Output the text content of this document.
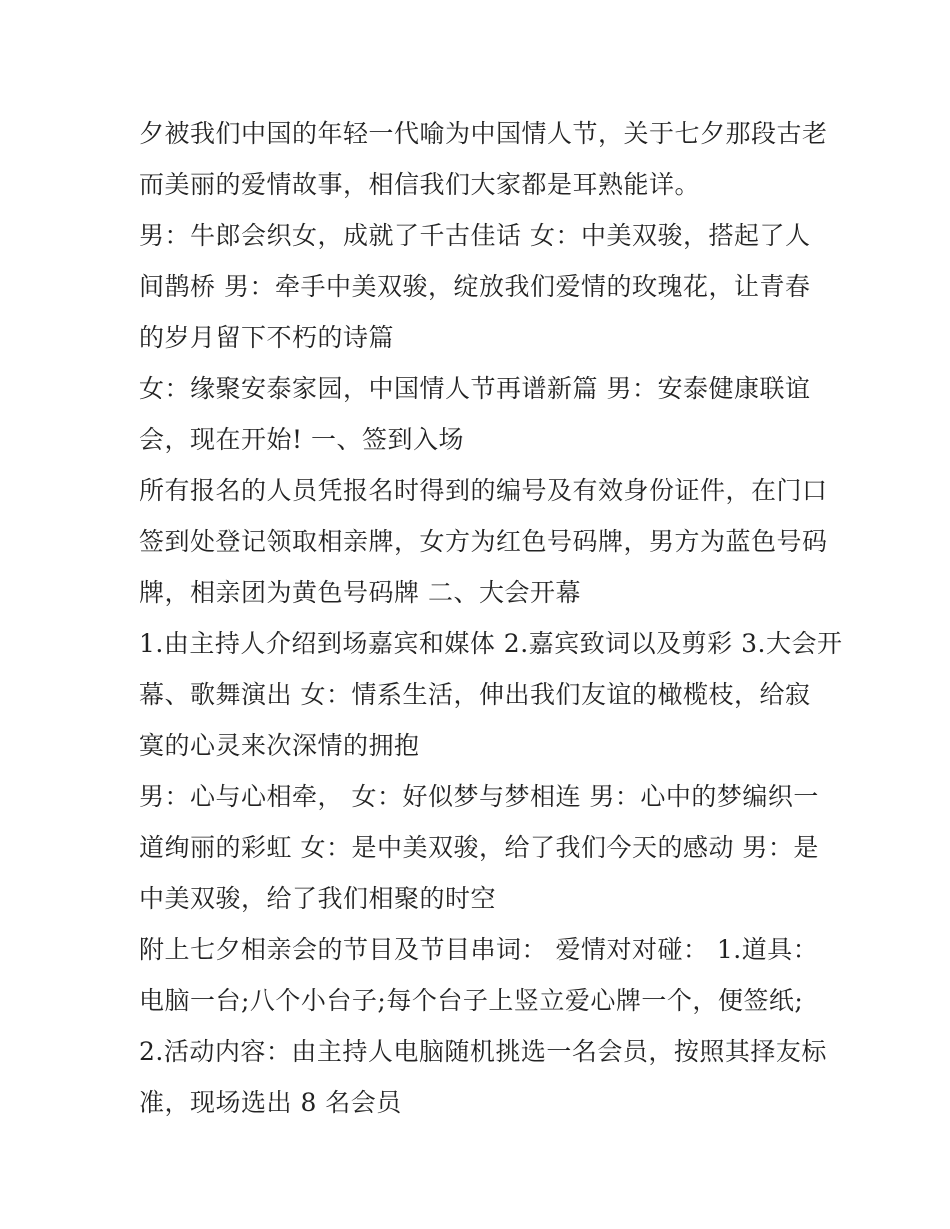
夕被我们中国的年轻一代喻为中国情人节，关于七夕那段古老
而美丽的爱情故事，相信我们大家都是耳熟能详。
男：牛郎会织女，成就了千古佳话 女：中美双骏，搭起了人
间鹊桥 男：牵手中美双骏，绽放我们爱情的玫瑰花，让青春
的岁月留下不朽的诗篇
女：缘聚安泰家园，中国情人节再谱新篇 男：安泰健康联谊
会，现在开始! 一、签到入场
所有报名的人员凭报名时得到的编号及有效身份证件，在门口
签到处登记领取相亲牌，女方为红色号码牌，男方为蓝色号码
牌，相亲团为黄色号码牌 二、大会开幕
1.由主持人介绍到场嘉宾和媒体 2.嘉宾致词以及剪彩 3.大会开
幕、歌舞演出 女：情系生活，伸出我们友谊的橄榄枝，给寂
寞的心灵来次深情的拥抱
男：心与心相牵， 女：好似梦与梦相连 男：心中的梦编织一
道绚丽的彩虹 女：是中美双骏，给了我们今天的感动 男：是
中美双骏，给了我们相聚的时空
附上七夕相亲会的节目及节目串词： 爱情对对碰： 1.道具：
电脑一台;八个小台子;每个台子上竖立爱心牌一个，便签纸;
2.活动内容：由主持人电脑随机挑选一名会员，按照其择友标
准，现场选出 8 名会员
